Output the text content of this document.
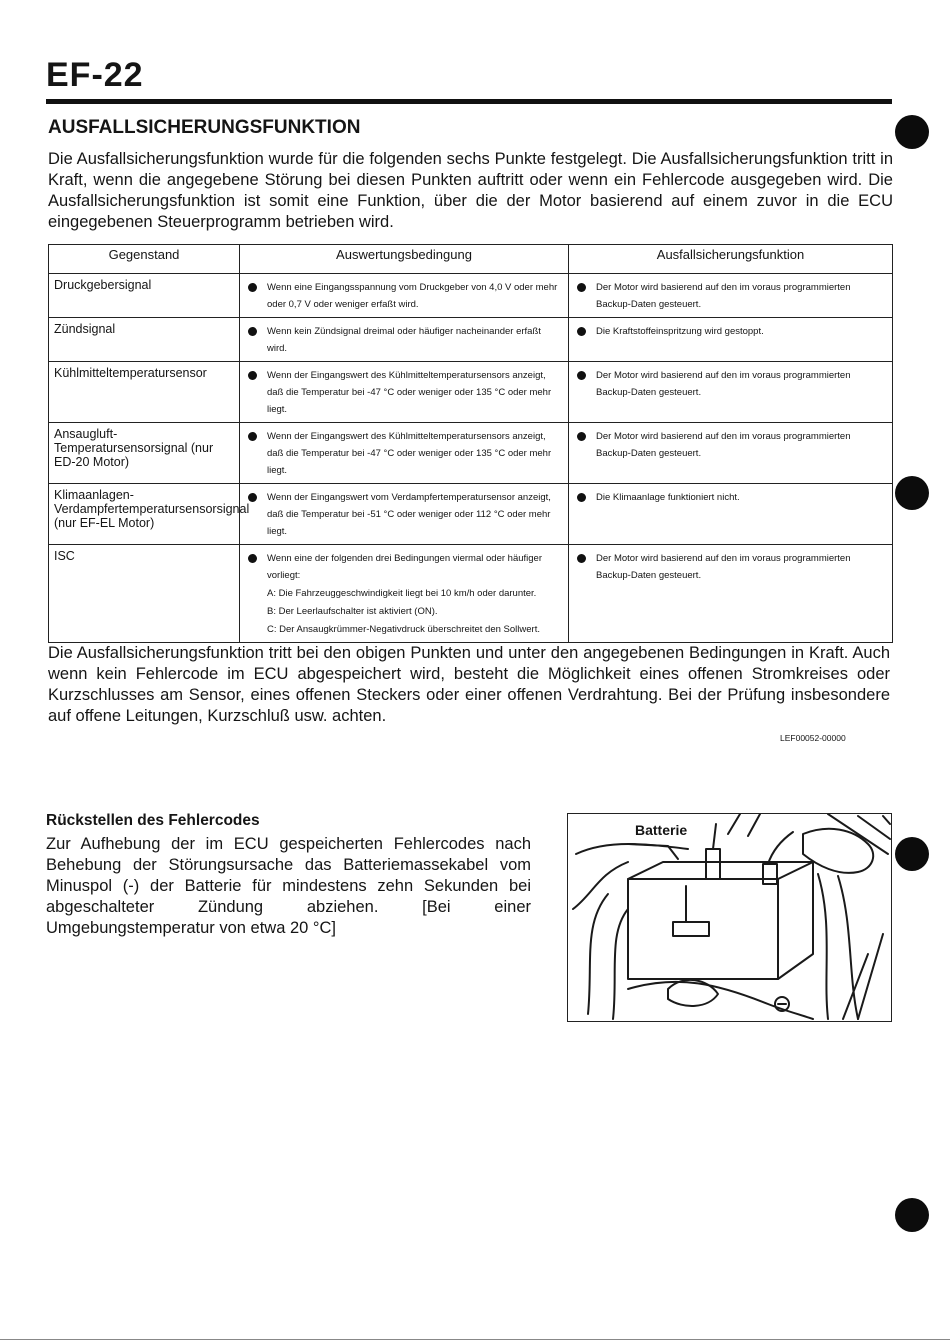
EF-22
AUSFALLSICHERUNGSFUNKTION

Die Ausfallsicherungsfunktion wurde für die folgenden sechs Punkte festgelegt. Die Ausfallsicherungsfunktion tritt in Kraft, wenn die angegebene Störung bei diesen Punkten auftritt oder wenn ein Fehlercode ausgegeben wird. Die Ausfallsicherungsfunktion ist somit eine Funktion, über die der Motor basierend auf einem zuvor in die ECU eingegebenen Steuerprogramm betrieben wird.

Gegenstand	Auswertungsbedingung	Ausfallsicherungsfunktion
Druckgebersignal	Wenn eine Eingangsspannung vom Druckgeber von 4,0 V oder mehr oder 0,7 V oder weniger erfaßt wird.	Der Motor wird basierend auf den im voraus programmierten Backup-Daten gesteuert.

Zündsignal	Wenn kein Zündsignal dreimal oder häufiger nacheinander erfaßt wird.	Die Kraftstoffeinspritzung wird gestoppt.

Kühlmitteltemperatursensor	Wenn der Eingangswert des Kühlmitteltemperatursensors anzeigt, daß die Temperatur bei -47 °C oder weniger oder 135 °C oder mehr liegt.	Der Motor wird basierend auf den im voraus programmierten Backup-Daten gesteuert.

Ansaugluft-Temperatursensorsignal (nur ED-20 Motor)	Wenn der Eingangswert des Kühlmitteltemperatursensors anzeigt, daß die Temperatur bei -47 °C oder weniger oder 135 °C oder mehr liegt.	Der Motor wird basierend auf den im voraus programmierten Backup-Daten gesteuert.

Klimaanlagen-Verdampfertemperatursensorsignal (nur EF-EL Motor)	Wenn der Eingangswert vom Verdampfertemperatursensor anzeigt, daß die Temperatur bei -51 °C oder weniger oder 112 °C oder mehr liegt.	Die Klimaanlage funktioniert nicht.

ISC	Wenn eine der folgenden drei Bedingungen viermal oder häufiger vorliegt:
A: Die Fahrzeuggeschwindigkeit liegt bei 10 km/h oder darunter.
B: Der Leerlaufschalter ist aktiviert (ON).
C: Der Ansaugkrümmer-Negativdruck überschreitet den Sollwert.	Der Motor wird basierend auf den im voraus programmierten Backup-Daten gesteuert.

Die Ausfallsicherungsfunktion tritt bei den obigen Punkten und unter den angegebenen Bedingungen in Kraft. Auch wenn kein Fehlercode im ECU abgespeichert wird, besteht die Möglichkeit eines offenen Stromkreises oder Kurzschlusses am Sensor, eines offenen Steckers oder einer offenen Verdrahtung. Bei der Prüfung insbesondere auf offene Leitungen, Kurzschluß usw. achten.

LEF00052-00000
Rückstellen des Fehlercodes

Zur Aufhebung der im ECU gespeicherten Fehlercodes nach Behebung der Störungsursache das Batteriemassekabel vom Minuspol (-) der Batterie für mindestens zehn Sekunden bei abgeschalteter Zündung abziehen. [Bei einer Umgebungstemperatur von etwa 20 °C]

Batterie
